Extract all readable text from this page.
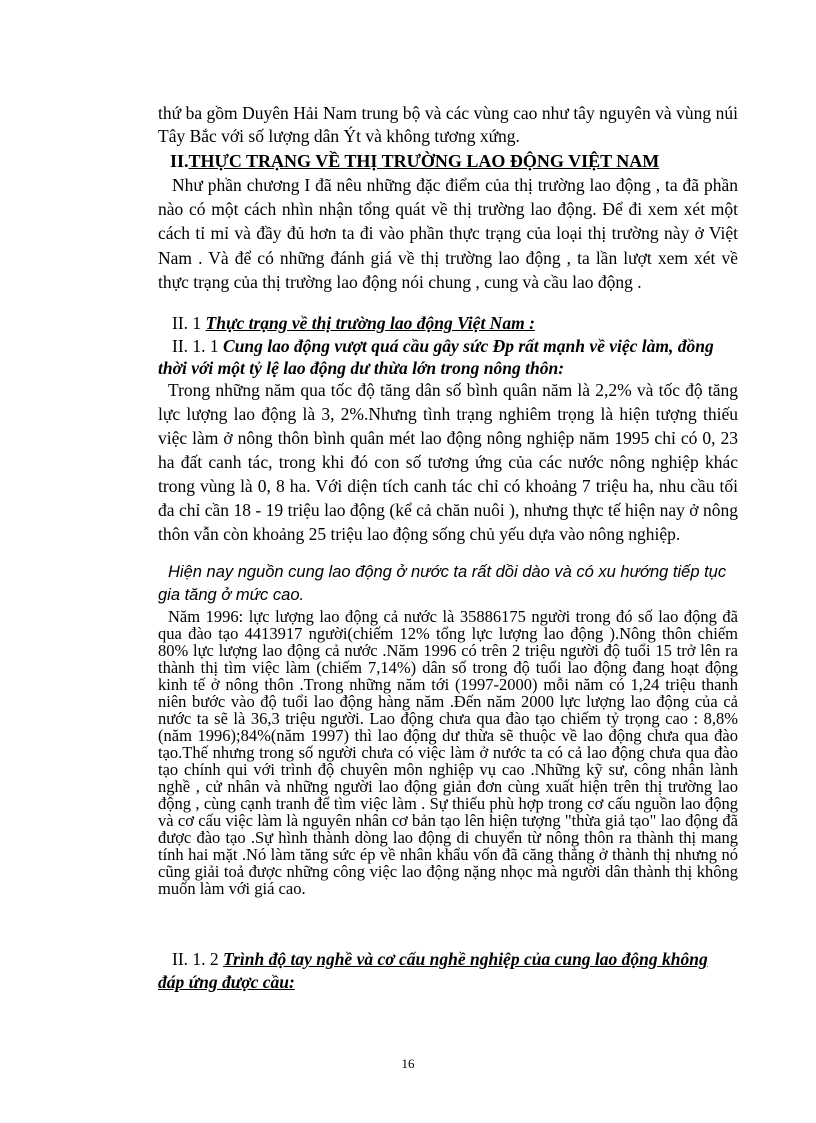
thứ ba gồm Duyên Hải Nam trung bộ và các vùng cao như tây nguyên và vùng núi Tây Bắc với số lượng dân Ýt và không tương xứng.
II.THỰC TRẠNG VỀ THỊ TRƯỜNG LAO ĐỘNG VIỆT NAM
Như phần chương I đã nêu những đặc điểm của thị trường lao động , ta đã phần nào có một cách nhìn nhận tổng quát về thị trường lao động. Để đi xem xét một cách tỉ mỉ và đầy đủ hơn ta đi vào phần thực trạng của loại thị trường này ở Việt Nam . Và để có những đánh giá về thị trường lao động , ta lần lượt xem xét về thực trạng của thị trường lao động nói chung , cung và cầu lao động .
II. 1 Thực trạng về thị trường lao động Việt Nam :
II. 1. 1 Cung lao động vượt quá cầu gây sức Ðp rất mạnh về việc làm, đồng thời với một tỷ lệ lao động dư thừa lớn trong nông thôn:
Trong những năm qua tốc độ tăng dân số bình quân năm là 2,2% và tốc độ tăng lực lượng lao động là 3, 2%.Nhưng tình trạng nghiêm trọng là hiện tượng thiếu việc làm ở nông thôn bình quân mét lao động nông nghiệp năm 1995 chỉ có 0, 23 ha đất canh tác, trong khi đó con số tương ứng của các nước nông nghiệp khác trong vùng là 0, 8 ha. Với diện tích canh tác chỉ có khoảng 7 triệu ha, nhu cầu tối đa chỉ cần 18 - 19 triệu lao động (kể cả chăn nuôi ), nhưng thực tế hiện nay ở nông thôn vẫn còn khoảng 25 triệu lao động sống chủ yếu dựa vào nông nghiệp.
Hiện nay nguồn cung lao động ở nước ta rất dồi dào và có xu hướng tiếp tục gia tăng ở mức cao.
Năm 1996: lực lượng lao động cả nước là 35886175 người trong đó số lao động đã qua đào tạo 4413917 người(chiếm 12% tổng lực lượng lao động ).Nông thôn chiếm 80% lực lượng lao động cả nước .Năm 1996 có trên 2 triệu người độ tuổi 15 trở lên ra thành thị tìm việc làm (chiếm 7,14%) dân số trong độ tuổi lao động đang hoạt động kinh tế ở nông thôn .Trong những năm tới (1997-2000) mỗi năm có 1,24 triệu thanh niên bước vào độ tuổi lao động hàng năm .Đến năm 2000 lực lượng lao động của cả nước ta sẽ là 36,3 triệu người. Lao động chưa qua đào tạo chiếm tỷ trọng cao : 8,8% (năm 1996);84%(năm 1997) thì lao động dư thừa sẽ thuộc về lao động chưa qua đào tạo.Thế nhưng trong số người chưa có việc làm ở nước ta có cả lao động chưa qua đào tạo chính qui với trình độ chuyên môn nghiệp vụ cao .Những kỹ sư, công nhân lành nghề , cử nhân và những người lao động giản đơn cùng xuất hiện trên thị trường lao động , cùng cạnh tranh để tìm việc làm . Sự thiếu phù hợp trong cơ cấu nguồn lao động và cơ cấu việc làm là nguyên nhân cơ bản tạo lên hiện tượng "thừa giả tạo" lao động đã được đào tạo .Sự hình thành dòng lao động di chuyển từ nông thôn ra thành thị mang tính hai mặt .Nó làm tăng sức ép về nhân khẩu vốn đã căng thẳng ở thành thị nhưng nó cũng giải toả được những công việc lao động nặng nhọc mà người dân thành thị không muốn làm với giá cao.
II. 1. 2 Trình độ tay nghề và cơ cấu nghề nghiệp của cung lao động không đáp ứng được cầu:
16
